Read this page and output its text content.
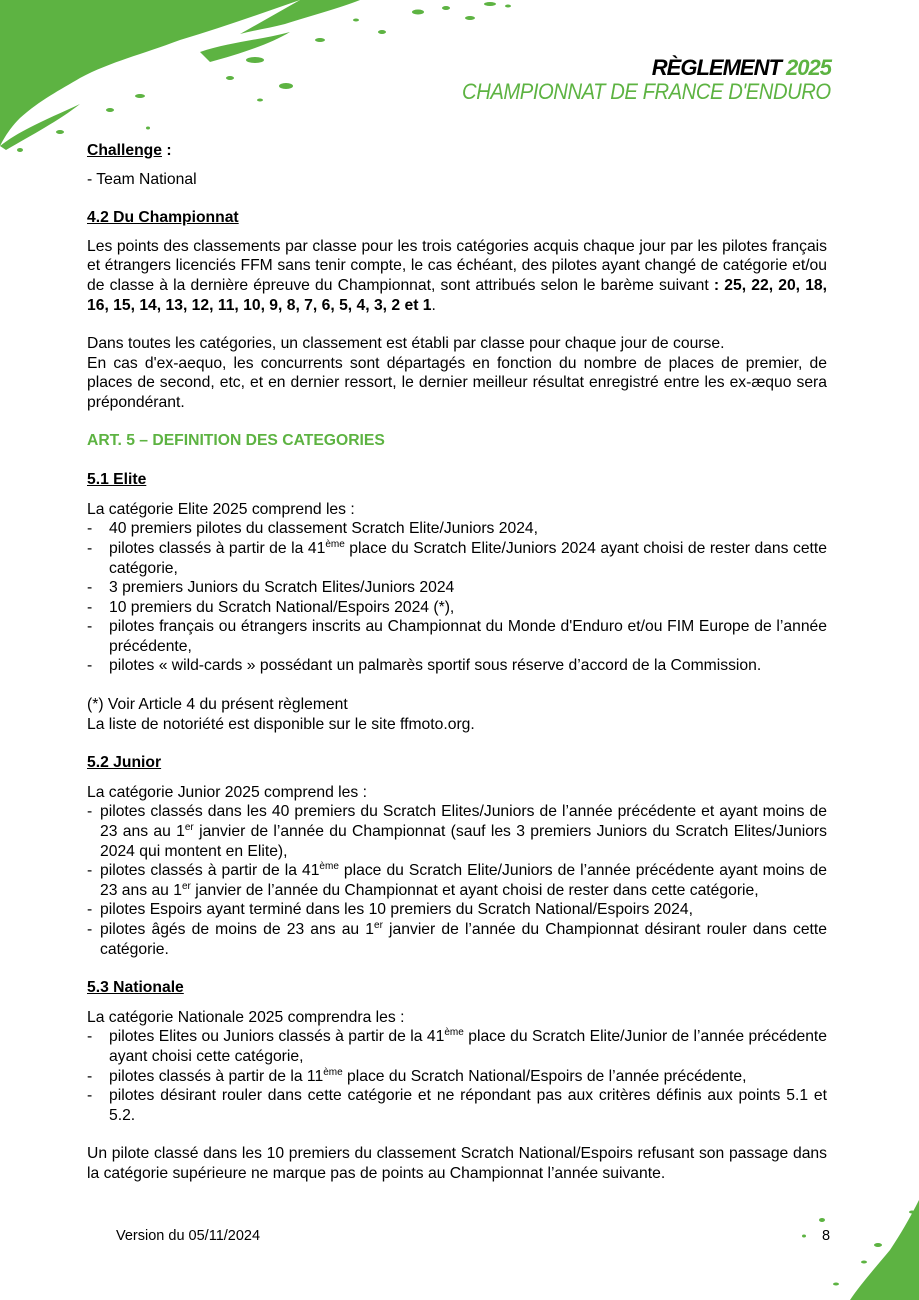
RÈGLEMENT 2025
CHAMPIONNAT DE FRANCE D'ENDURO

Challenge :

- Team National

4.2 Du Championnat

Les points des classements par classe pour les trois catégories acquis chaque jour par les pilotes français et étrangers licenciés FFM sans tenir compte, le cas échéant, des pilotes ayant changé de catégorie et/ou de classe à la dernière épreuve du Championnat, sont attribués selon le barème suivant : 25, 22, 20, 18, 16, 15, 14, 13, 12, 11, 10, 9, 8, 7, 6, 5, 4, 3, 2 et 1.

Dans toutes les catégories, un classement est établi par classe pour chaque jour de course.

En cas d'ex-aequo, les concurrents sont départagés en fonction du nombre de places de premier, de places de second, etc, et en dernier ressort, le dernier meilleur résultat enregistré entre les ex-æquo sera prépondérant.

ART. 5 – DEFINITION DES CATEGORIES

5.1 Elite

La catégorie Elite 2025 comprend les :

- 40 premiers pilotes du classement Scratch Elite/Juniors 2024,
- pilotes classés à partir de la 41ème place du Scratch Elite/Juniors 2024 ayant choisi de rester dans cette catégorie,
- 3 premiers Juniors du Scratch Elites/Juniors 2024
- 10 premiers du Scratch National/Espoirs 2024 (*),
- pilotes français ou étrangers inscrits au Championnat du Monde d'Enduro et/ou FIM Europe de l’année précédente,
- pilotes « wild-cards » possédant un palmarès sportif sous réserve d’accord de la Commission.

(*) Voir Article 4 du présent règlement

La liste de notoriété est disponible sur le site ffmoto.org.

5.2 Junior

La catégorie Junior 2025 comprend les :

- pilotes classés dans les 40 premiers du Scratch Elites/Juniors de l’année précédente et ayant moins de 23 ans au 1er janvier de l’année du Championnat (sauf les 3 premiers Juniors du Scratch Elites/Juniors 2024 qui montent en Elite),
- pilotes classés à partir de la 41ème place du Scratch Elite/Juniors de l’année précédente ayant moins de 23 ans au 1er janvier de l’année du Championnat et ayant choisi de rester dans cette catégorie,
- pilotes Espoirs ayant terminé dans les 10 premiers du Scratch National/Espoirs 2024,
- pilotes âgés de moins de 23 ans au 1er janvier de l’année du Championnat désirant rouler dans cette catégorie.

5.3 Nationale

La catégorie Nationale 2025 comprendra les :

- pilotes Elites ou Juniors classés à partir de la 41ème place du Scratch Elite/Junior de l’année précédente ayant choisi cette catégorie,
- pilotes classés à partir de la 11ème place du Scratch National/Espoirs de l’année précédente,
- pilotes désirant rouler dans cette catégorie et ne répondant pas aux critères définis aux points 5.1 et 5.2.

Un pilote classé dans les 10 premiers du classement Scratch National/Espoirs refusant son passage dans la catégorie supérieure ne marque pas de points au Championnat l’année suivante.

Version du 05/11/2024	8
